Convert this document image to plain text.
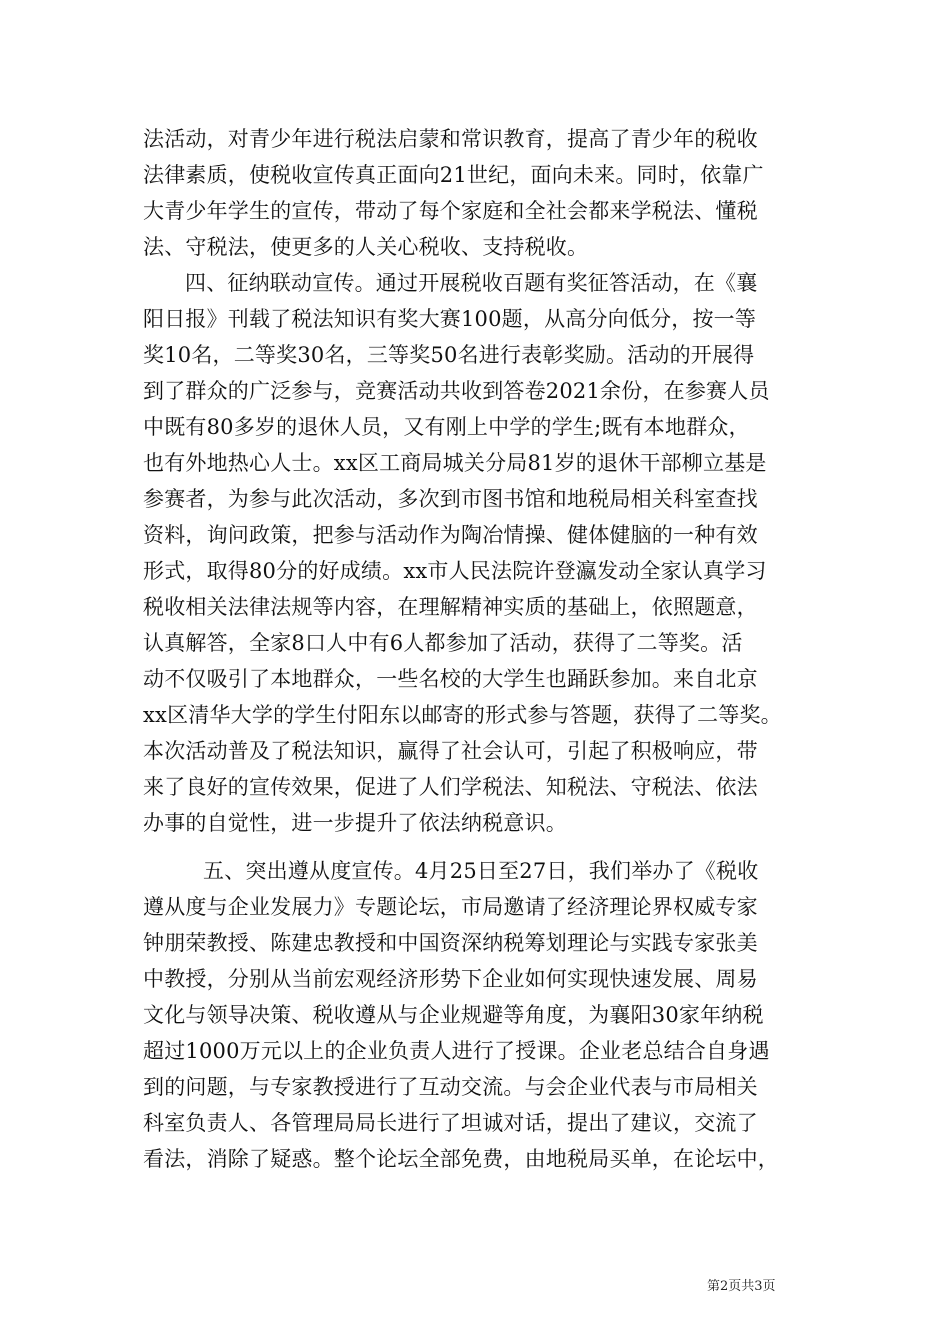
法活动，对青少年进行税法启蒙和常识教育，提高了青少年的税收
法律素质，使税收宣传真正面向21世纪，面向未来。同时，依靠广
大青少年学生的宣传，带动了每个家庭和全社会都来学税法、懂税
法、守税法，使更多的人关心税收、支持税收。
四、征纳联动宣传。通过开展税收百题有奖征答活动，在《襄
阳日报》刊载了税法知识有奖大赛100题，从高分向低分，按一等
奖10名，二等奖30名，三等奖50名进行表彰奖励。活动的开展得
到了群众的广泛参与，竞赛活动共收到答卷2021余份，在参赛人员
中既有80多岁的退休人员，又有刚上中学的学生;既有本地群众，
也有外地热心人士。xx区工商局城关分局81岁的退休干部柳立基是
参赛者，为参与此次活动，多次到市图书馆和地税局相关科室查找
资料，询问政策，把参与活动作为陶冶情操、健体健脑的一种有效
形式，取得80分的好成绩。xx市人民法院许登瀛发动全家认真学习
税收相关法律法规等内容，在理解精神实质的基础上，依照题意，
认真解答，全家8口人中有6人都参加了活动，获得了二等奖。活
动不仅吸引了本地群众，一些名校的大学生也踊跃参加。来自北京
xx区清华大学的学生付阳东以邮寄的形式参与答题，获得了二等奖。
本次活动普及了税法知识，赢得了社会认可，引起了积极响应，带
来了良好的宣传效果，促进了人们学税法、知税法、守税法、依法
办事的自觉性，进一步提升了依法纳税意识。
五、突出遵从度宣传。4月25日至27日，我们举办了《税收
遵从度与企业发展力》专题论坛，市局邀请了经济理论界权威专家
钟朋荣教授、陈建忠教授和中国资深纳税筹划理论与实践专家张美
中教授，分别从当前宏观经济形势下企业如何实现快速发展、周易
文化与领导决策、税收遵从与企业规避等角度，为襄阳30家年纳税
超过1000万元以上的企业负责人进行了授课。企业老总结合自身遇
到的问题，与专家教授进行了互动交流。与会企业代表与市局相关
科室负责人、各管理局局长进行了坦诚对话，提出了建议，交流了
看法，消除了疑惑。整个论坛全部免费，由地税局买单，在论坛中，
第2页共3页
